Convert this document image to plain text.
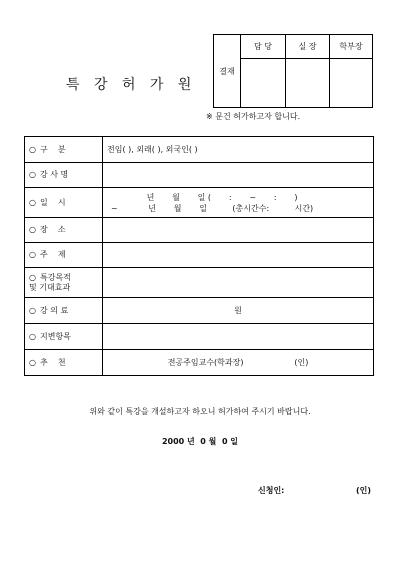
특 강 허 가 원
결재
담 당	실 장	학부장
※ 문건 허가하고자 합니다.
○ 구    분	전임( ), 외래( ), 외국인( )
○ 강 사 명
○ 일    시
년       월       일 (       :       ~       :       )
~            년       월       일          (총시간수:          시간)
○ 장    소
○ 주    제
○ 특강목적
및 기대효과
○ 강 의 료	원
○ 지변항목
○ 추    천	전공주임교수(학과장)                    (인)
위와 같이 특강을 개설하고자 하오니 허가하여 주시기 바랍니다.
2000 년  0 월  0 일
신청인:	(인)
